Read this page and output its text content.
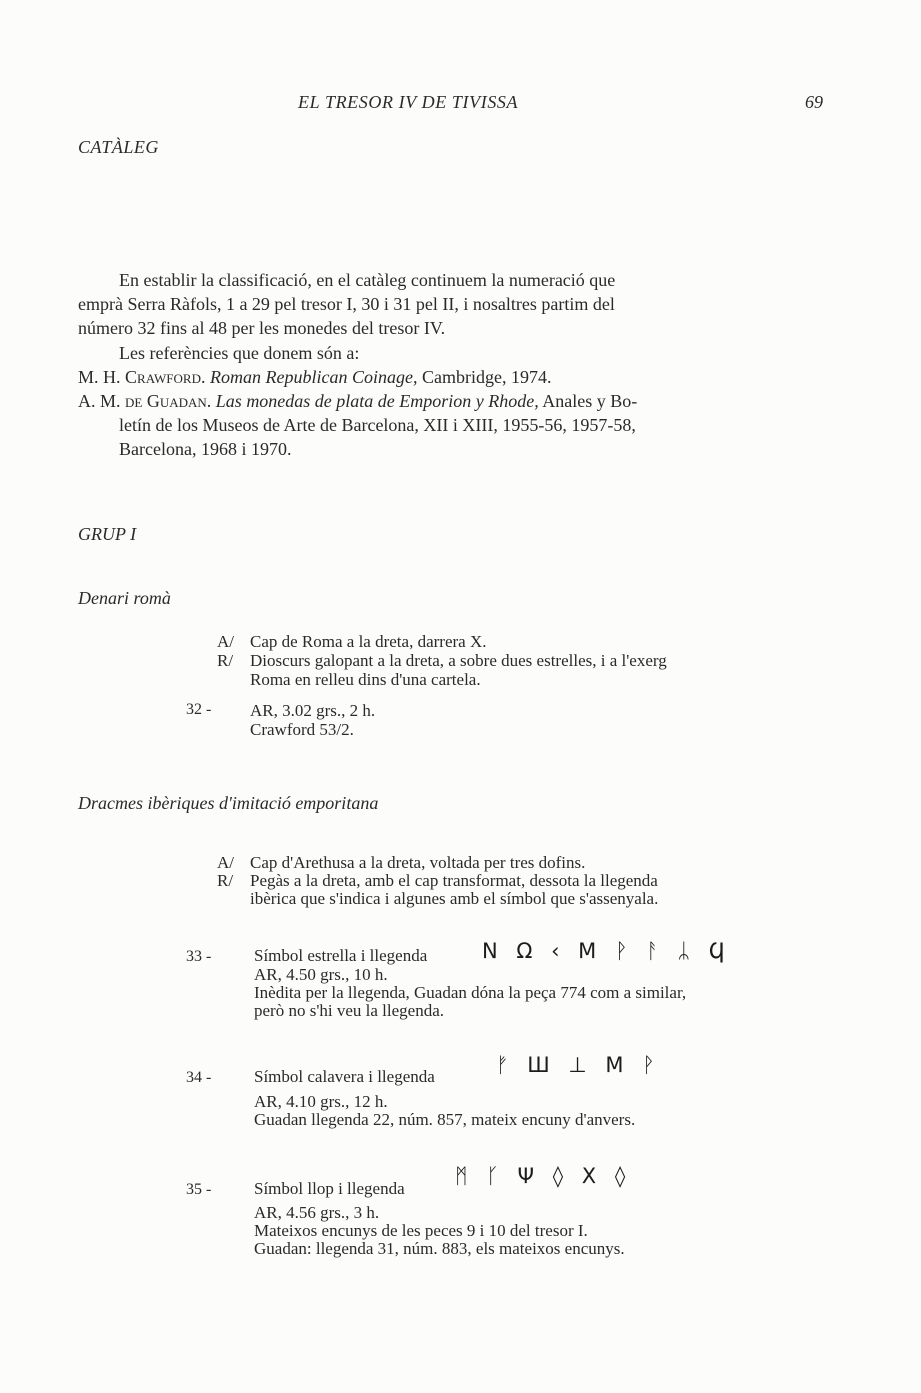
EL TRESOR IV DE TIVISSA	69
CATÀLEG
En establir la classificació, en el catàleg continuem la numeració que
emprà Serra Ràfols, 1 a 29 pel tresor I, 30 i 31 pel II, i nosaltres partim del
número 32 fins al 48 per les monedes del tresor IV.
Les referències que donem són a:
M. H. Crawford. Roman Republican Coinage, Cambridge, 1974.
A. M. de Guadan. Las monedas de plata de Emporion y Rhode, Anales y Bo-
letín de los Museos de Arte de Barcelona, XII i XIII, 1955-56, 1957-58,
Barcelona, 1968 i 1970.
GRUP I
Denari romà
A/ Cap de Roma a la dreta, darrera X.
R/ Dioscurs galopant a la dreta, a sobre dues estrelles, i a l'exerg
Roma en relleu dins d'una cartela.
32 - AR, 3.02 grs., 2 h.
Crawford 53/2.
Dracmes ibèriques d'imitació emporitana
A/ Cap d'Arethusa a la dreta, voltada per tres dofins.
R/ Pegàs a la dreta, amb el cap transformat, dessota la llegenda
ibèrica que s'indica i algunes amb el símbol que s'assenyala.
33 -	Símbol estrella i llegenda	Ν Ω ‹ Μ ᚹ ᚨ ᛦ Ϥ
AR, 4.50 grs., 10 h.
Inèdita per la llegenda, Guadan dóna la peça 774 com a similar,
però no s'hi veu la llegenda.
34 -	Símbol calavera i llegenda	ᚠ Ш ⊥ Μ ᚹ
AR, 4.10 grs., 12 h.
Guadan llegenda 22, núm. 857, mateix encuny d'anvers.
35 -	Símbol llop i llegenda
ᛗ ᚴ Ψ ◊ Χ ◊
AR, 4.56 grs., 3 h.
Mateixos encunys de les peces 9 i 10 del tresor I.
Guadan: llegenda 31, núm. 883, els mateixos encunys.
